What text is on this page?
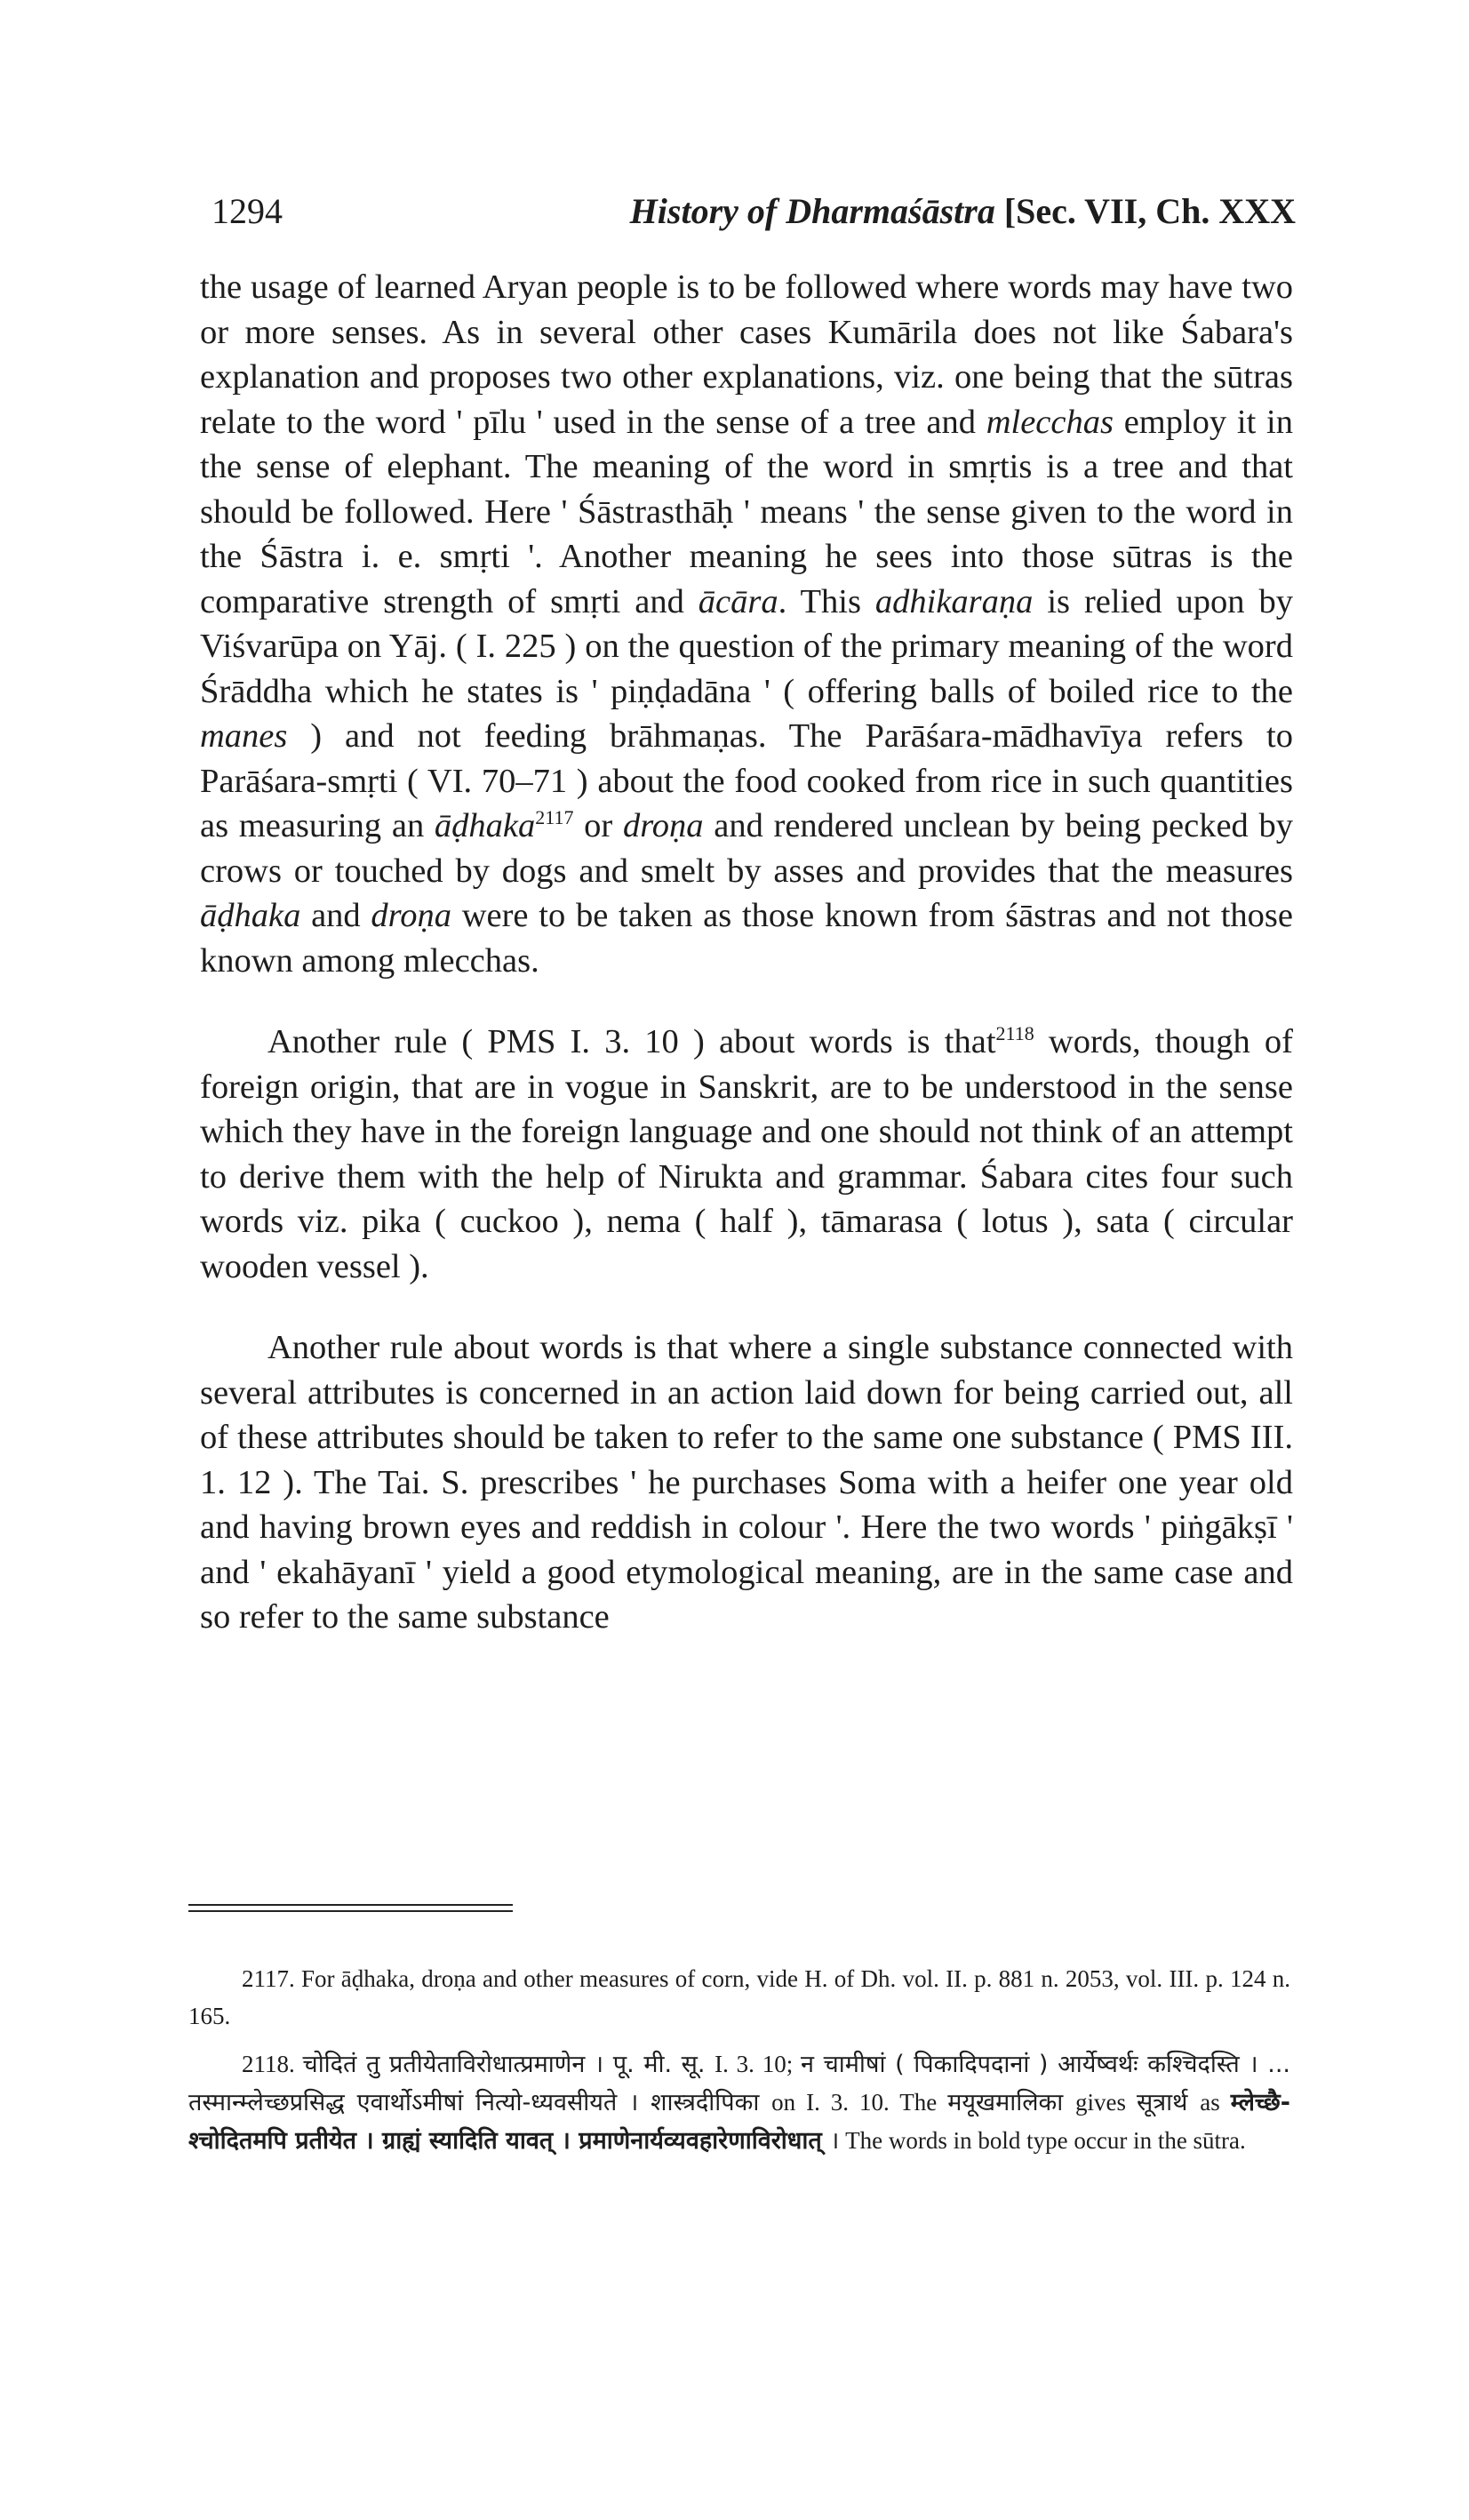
1294	History of Dharmaśāstra [Sec. VII, Ch. XXX

the usage of learned Aryan people is to be followed where words may have two or more senses. As in several other cases Kumārila does not like Śabara's explanation and proposes two other explanations, viz. one being that the sūtras relate to the word ' pīlu ' used in the sense of a tree and mlecchas employ it in the sense of elephant. The meaning of the word in smṛtis is a tree and that should be followed. Here ' Śāstrasthāḥ ' means ' the sense given to the word in the Śāstra i. e. smṛti '. Another meaning he sees into those sūtras is the comparative strength of smṛti and ācāra. This adhikaraṇa is relied upon by Viśvarūpa on Yāj. ( I. 225 ) on the question of the primary meaning of the word Śrāddha which he states is ' piṇḍadāna ' ( offering balls of boiled rice to the manes ) and not feeding brāhmaṇas. The Parāśara-mādhavīya refers to Parāśara-smṛti ( VI. 70–71 ) about the food cooked from rice in such quantities as measuring an āḍhaka$^{2117}$ or droṇa and rendered unclean by being pecked by crows or touched by dogs and smelt by asses and provides that the measures āḍhaka and droṇa were to be taken as those known from śāstras and not those known among mlecchas.

Another rule ( PMS I. 3. 10 ) about words is that$^{2118}$ words, though of foreign origin, that are in vogue in Sanskrit, are to be understood in the sense which they have in the foreign language and one should not think of an attempt to derive them with the help of Nirukta and grammar. Śabara cites four such words viz. pika ( cuckoo ), nema ( half ), tāmarasa ( lotus ), sata ( circular wooden vessel ).

Another rule about words is that where a single substance connected with several attributes is concerned in an action laid down for being carried out, all of these attributes should be taken to refer to the same one substance ( PMS III. 1. 12 ). The Tai. S. prescribes ' he purchases Soma with a heifer one year old and having brown eyes and reddish in colour '. Here the two words ' piṅgākṣī ' and ' ekahāyanī ' yield a good etymological meaning, are in the same case and so refer to the same substance

2117. For āḍhaka, droṇa and other measures of corn, vide H. of Dh. vol. II. p. 881 n. 2053, vol. III. p. 124 n. 165.

2118. चोदितं तु प्रतीयेताविरोधात्प्रमाणेन । पू. मी. सू. I. 3. 10; न चामीषां ( पिकादिपदानां ) आर्येष्वर्थः कश्चिदस्ति । ... तस्मान्म्लेच्छप्रसिद्ध एवार्थोऽमीषां नित्यो-ध्यवसीयते । शास्त्रदीपिका on I. 3. 10. The मयूखमालिका gives सूत्रार्थ as म्लेच्छै-श्चोदितमपि प्रतीयेत । ग्राह्यं स्यादिति यावत् । प्रमाणेनार्यव्यवहारेणाविरोधात् । The words in bold type occur in the sūtra.
